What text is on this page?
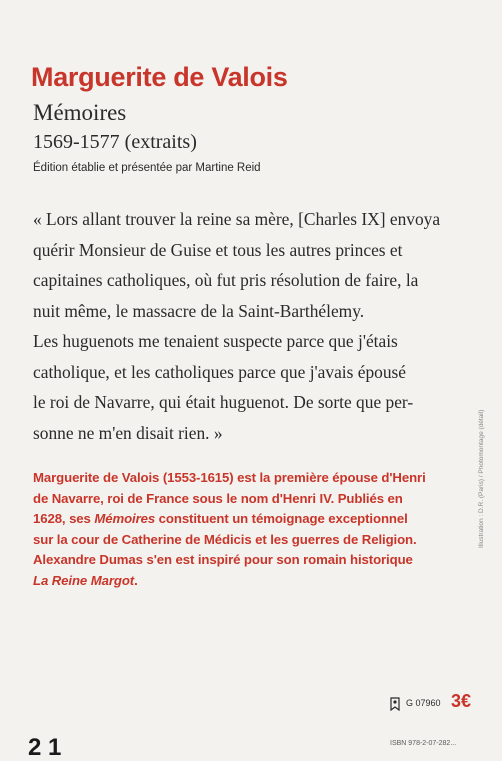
Marguerite de Valois
Mémoires
1569-1577 (extraits)
Édition établie et présentée par Martine Reid

« Lors allant trouver la reine sa mère, [Charles IX] envoya

quérir Monsieur de Guise et tous les autres princes et

capitaines catholiques, où fut pris résolution de faire, la

nuit même, le massacre de la Saint-Barthélemy.

Les huguenots me tenaient suspecte parce que j'étais

catholique, et les catholiques parce que j'avais épousé

le roi de Navarre, qui était huguenot. De sorte que per-

sonne ne m'en disait rien. »

Marguerite de Valois (1553-1615) est la première épouse d'Henri

de Navarre, roi de France sous le nom d'Henri IV. Publiés en

1628, ses Mémoires constituent un témoignage exceptionnel

sur la cour de Catherine de Médicis et les guerres de Religion.

Alexandre Dumas s'en est inspiré pour son romain historique

La Reine Margot.

Illustration : D.R. (Paris) / Photomontage (détail)
G 07960 3€
ISBN 978-2-07-282...
2 1
